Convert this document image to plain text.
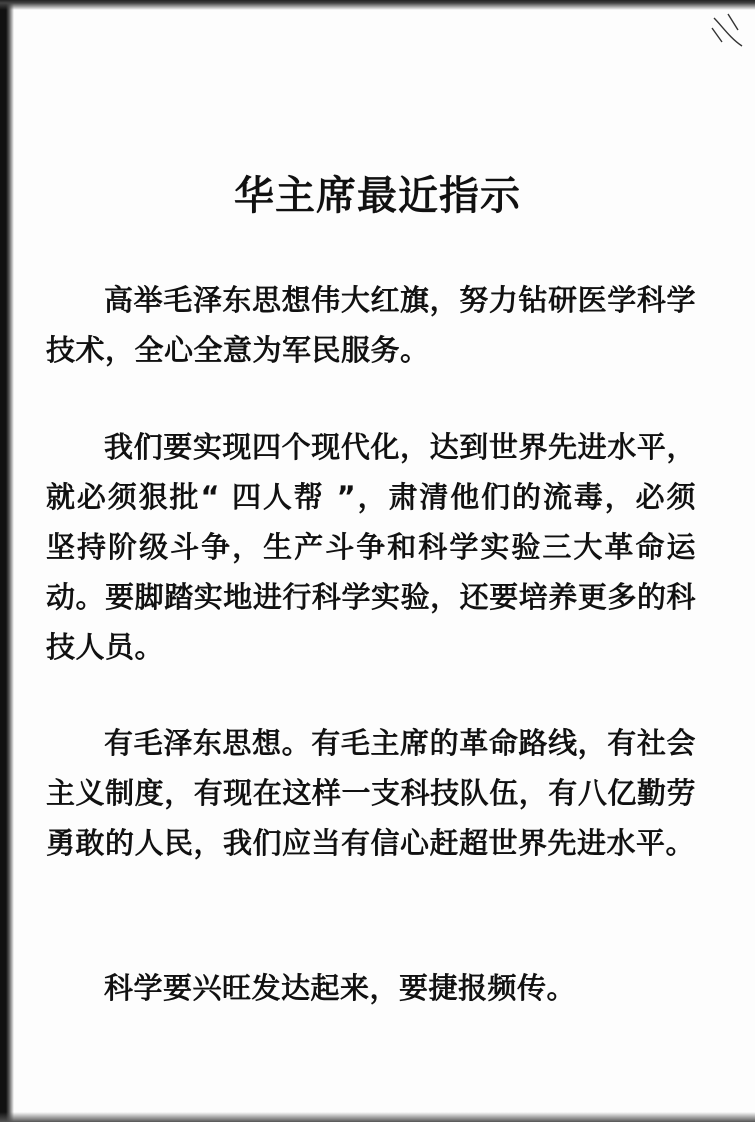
华主席最近指示

高举毛泽东思想伟大红旗，努力钻研医学科学技术，全心全意为军民服务。

我们要实现四个现代化，达到世界先进水平，就必须狠批“ 四人帮 ”，肃清他们的流毒，必须坚持阶级斗争，生产斗争和科学实验三大革命运动。要脚踏实地进行科学实验，还要培养更多的科技人员。

有毛泽东思想。有毛主席的革命路线，有社会主义制度，有现在这样一支科技队伍，有八亿勤劳勇敢的人民，我们应当有信心赶超世界先进水平。

科学要兴旺发达起来，要捷报频传。
